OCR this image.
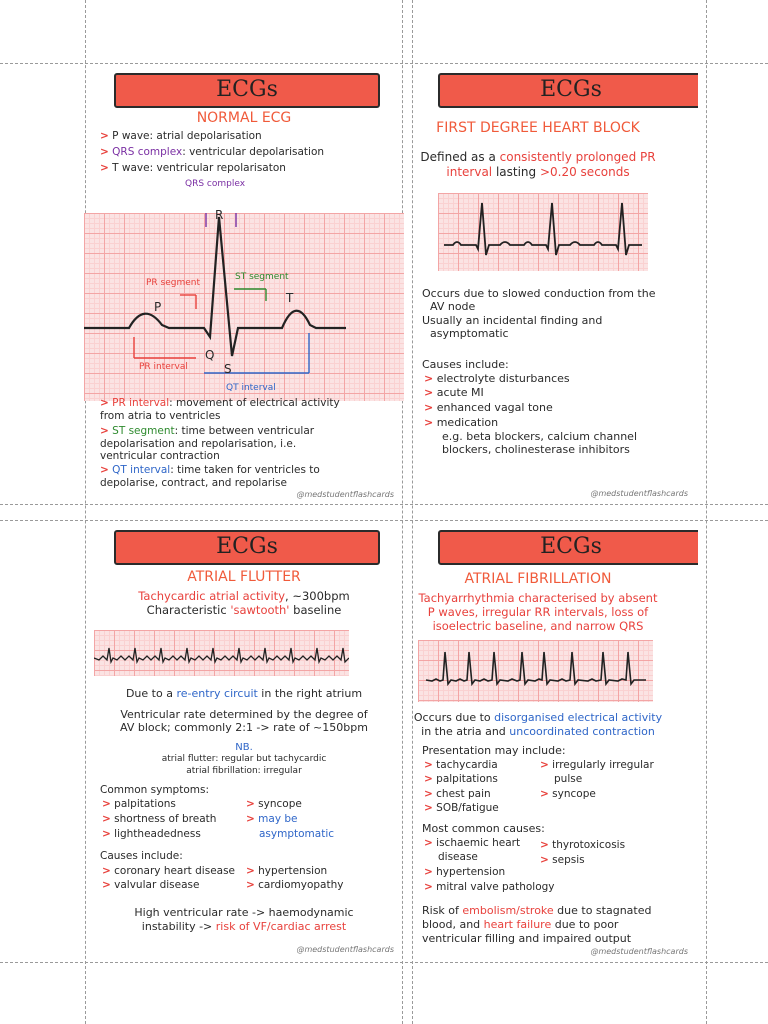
ECGs
NORMAL ECG
> P wave: atrial depolarisation
> QRS complex: ventricular depolarisation
> T wave: ventricular repolarisaton
QRS complex
R
P
Q
S
T
PR segment
ST segment
PR interval
QT interval
> PR interval: movement of electrical activity
from atria to ventricles
> ST segment: time between ventricular
depolarisation and repolarisation, i.e.
ventricular contraction
> QT interval: time taken for ventricles to
depolarise, contract, and repolarise
@medstudentflashcards
ECGs
FIRST DEGREE HEART BLOCK
Defined as a consistently prolonged PR
interval lasting >0.20 seconds
Occurs due to slowed conduction from the
AV node
Usually an incidental finding and
asymptomatic
Causes include:
> electrolyte disturbances
> acute MI
> enhanced vagal tone
> medication
e.g. beta blockers, calcium channel
blockers, cholinesterase inhibitors
@medstudentflashcards
ECGs
ATRIAL FLUTTER
Tachycardic atrial activity, ~300bpm
Characteristic 'sawtooth' baseline
Due to a re-entry circuit in the right atrium
Ventricular rate determined by the degree of
AV block; commonly 2:1 -> rate of ~150bpm
NB.
atrial flutter: regular but tachycardic
atrial fibrillation: irregular
Common symptoms:
> palpitations
> shortness of breath
> lightheadedness
> syncope
> may be
asymptomatic
Causes include:
> coronary heart disease
> valvular disease
> hypertension
> cardiomyopathy
High ventricular rate -> haemodynamic
instability -> risk of VF/cardiac arrest
@medstudentflashcards
ECGs
ATRIAL FIBRILLATION
Tachyarrhythmia characterised by absent
P waves, irregular RR intervals, loss of
isoelectric baseline, and narrow QRS
Occurs due to disorganised electrical activity
in the atria and uncoordinated contraction
Presentation may include:
> tachycardia
> palpitations
> chest pain
> SOB/fatigue
> irregularly irregular
pulse
> syncope
Most common causes:
> ischaemic heart
disease
> hypertension
> mitral valve pathology
> thyrotoxicosis
> sepsis
Risk of embolism/stroke due to stagnated
blood, and heart failure due to poor
ventricular filling and impaired output
@medstudentflashcards
